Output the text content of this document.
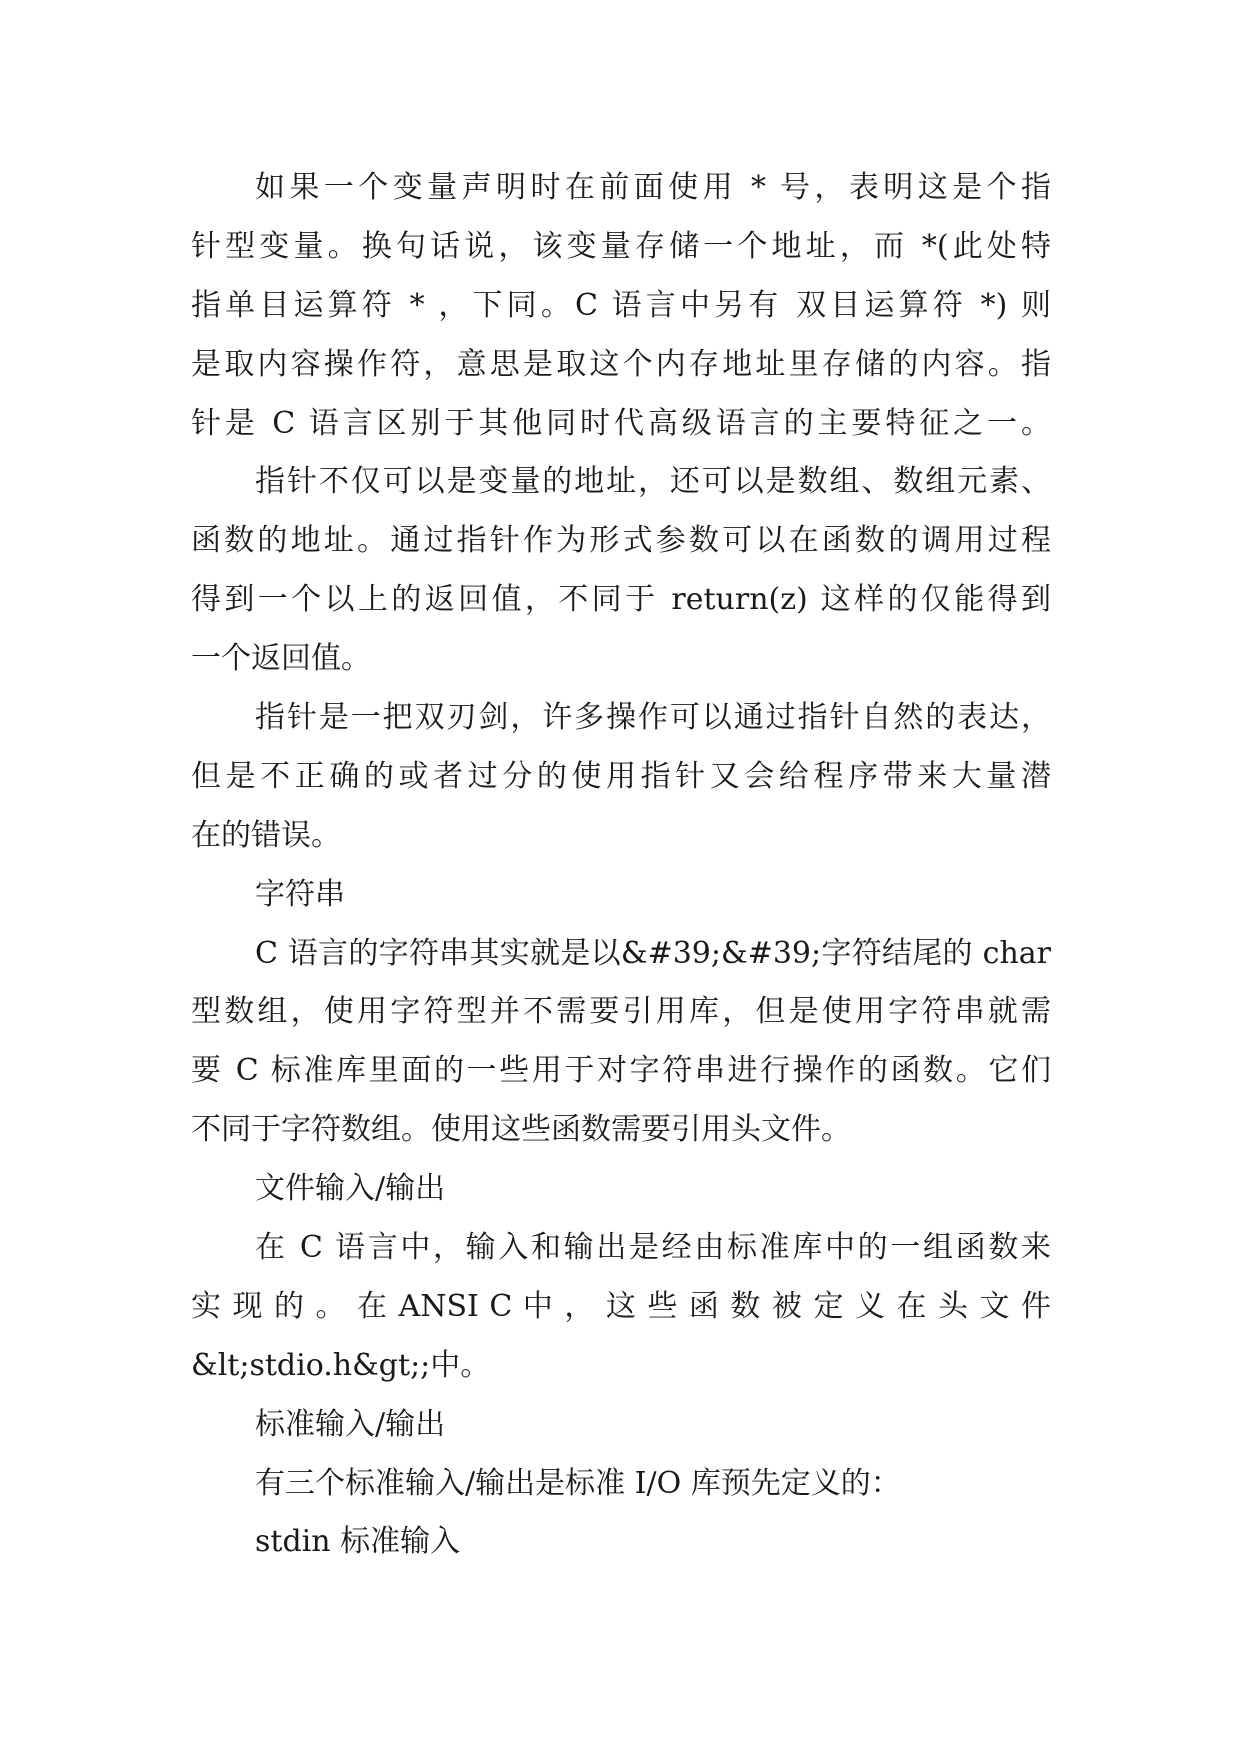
如果一个变量声明时在前面使用 * 号，表明这是个指
针型变量。换句话说，该变量存储一个地址，而 *(此处特
指单目运算符 * ，下同。C 语言中另有 双目运算符 *) 则
是取内容操作符，意思是取这个内存地址里存储的内容。指
针是 C 语言区别于其他同时代高级语言的主要特征之一。
指针不仅可以是变量的地址，还可以是数组、数组元素、
函数的地址。通过指针作为形式参数可以在函数的调用过程
得到一个以上的返回值，不同于 return(z) 这样的仅能得到
一个返回值。
指针是一把双刃剑，许多操作可以通过指针自然的表达，
但是不正确的或者过分的使用指针又会给程序带来大量潜
在的错误。
字符串
C 语言的字符串其实就是以&#39;&#39;字符结尾的 char
型数组，使用字符型并不需要引用库，但是使用字符串就需
要 C 标准库里面的一些用于对字符串进行操作的函数。它们
不同于字符数组。使用这些函数需要引用头文件。
文件输入/输出
在 C 语言中，输入和输出是经由标准库中的一组函数来
实 现 的 。 在 ANSI C 中 ， 这 些 函 数 被 定 义 在 头 文 件
&lt;stdio.h&gt;;中。
标准输入/输出
有三个标准输入/输出是标准 I/O 库预先定义的：
stdin 标准输入
